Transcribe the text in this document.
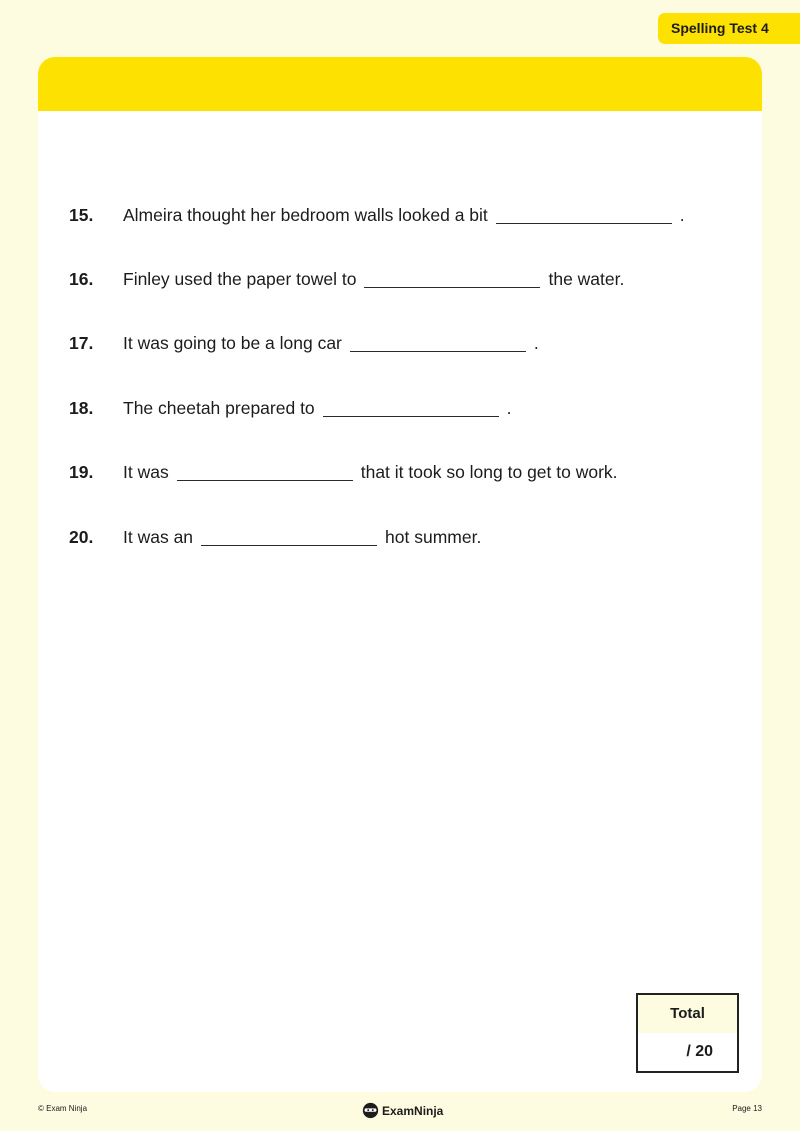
Spelling Test 4
15.	Almeira thought her bedroom walls looked a bit	.
16.	Finley used the paper towel to	the water.
17.	It was going to be a long car	.
18.	The cheetah prepared to	.
19.	It was	that it took so long to get to work.
20.	It was an	hot summer.
Total
/ 20
© Exam Ninja	ExamNinja	Page 13
